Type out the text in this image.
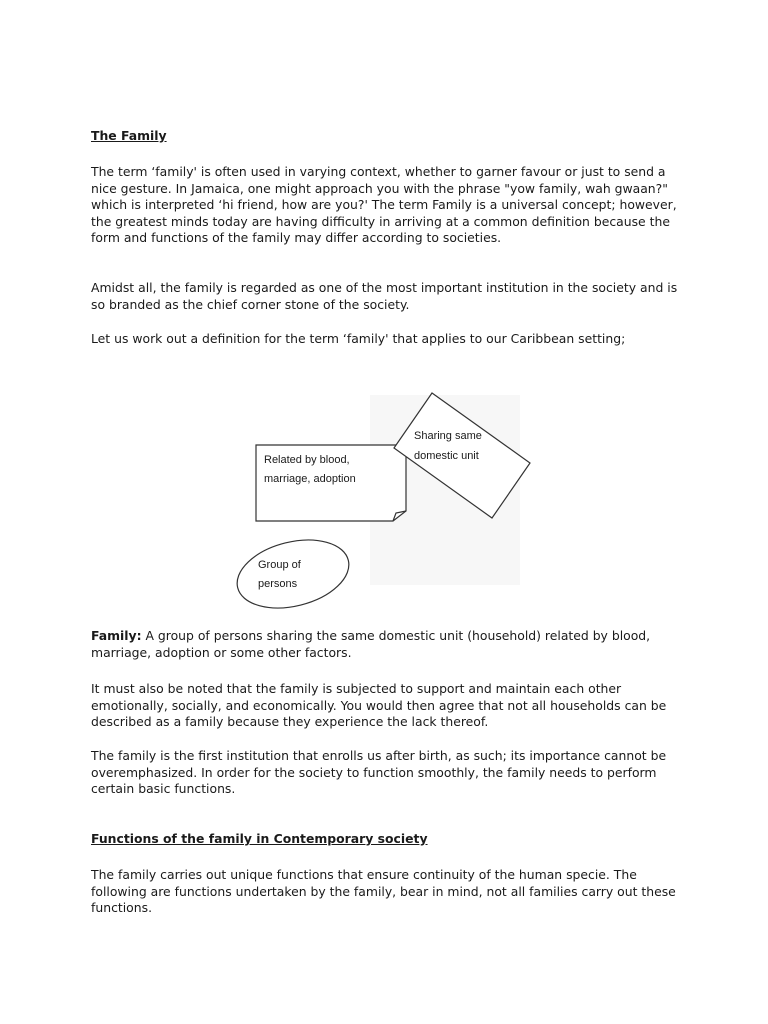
The Family

The term ‘family' is often used in varying context, whether to garner favour or just to send a nice gesture. In Jamaica, one might approach you with the phrase "yow family, wah gwaan?" which is interpreted ‘hi friend, how are you?' The term Family is a universal concept; however, the greatest minds today are having difficulty in arriving at a common definition because the form and functions of the family may differ according to societies.

Amidst all, the family is regarded as one of the most important institution in the society and is so branded as the chief corner stone of the society.

Let us work out a definition for the term ‘family' that applies to our Caribbean setting;

Related by blood,
marriage, adoption
Sharing same
domestic unit
Group of
persons

Family: A group of persons sharing the same domestic unit (household) related by blood, marriage, adoption or some other factors.

It must also be noted that the family is subjected to support and maintain each other emotionally, socially, and economically. You would then agree that not all households can be described as a family because they experience the lack thereof.

The family is the first institution that enrolls us after birth, as such; its importance cannot be overemphasized. In order for the society to function smoothly, the family needs to perform certain basic functions.

Functions of the family in Contemporary society

The family carries out unique functions that ensure continuity of the human specie. The following are functions undertaken by the family, bear in mind, not all families carry out these functions.
